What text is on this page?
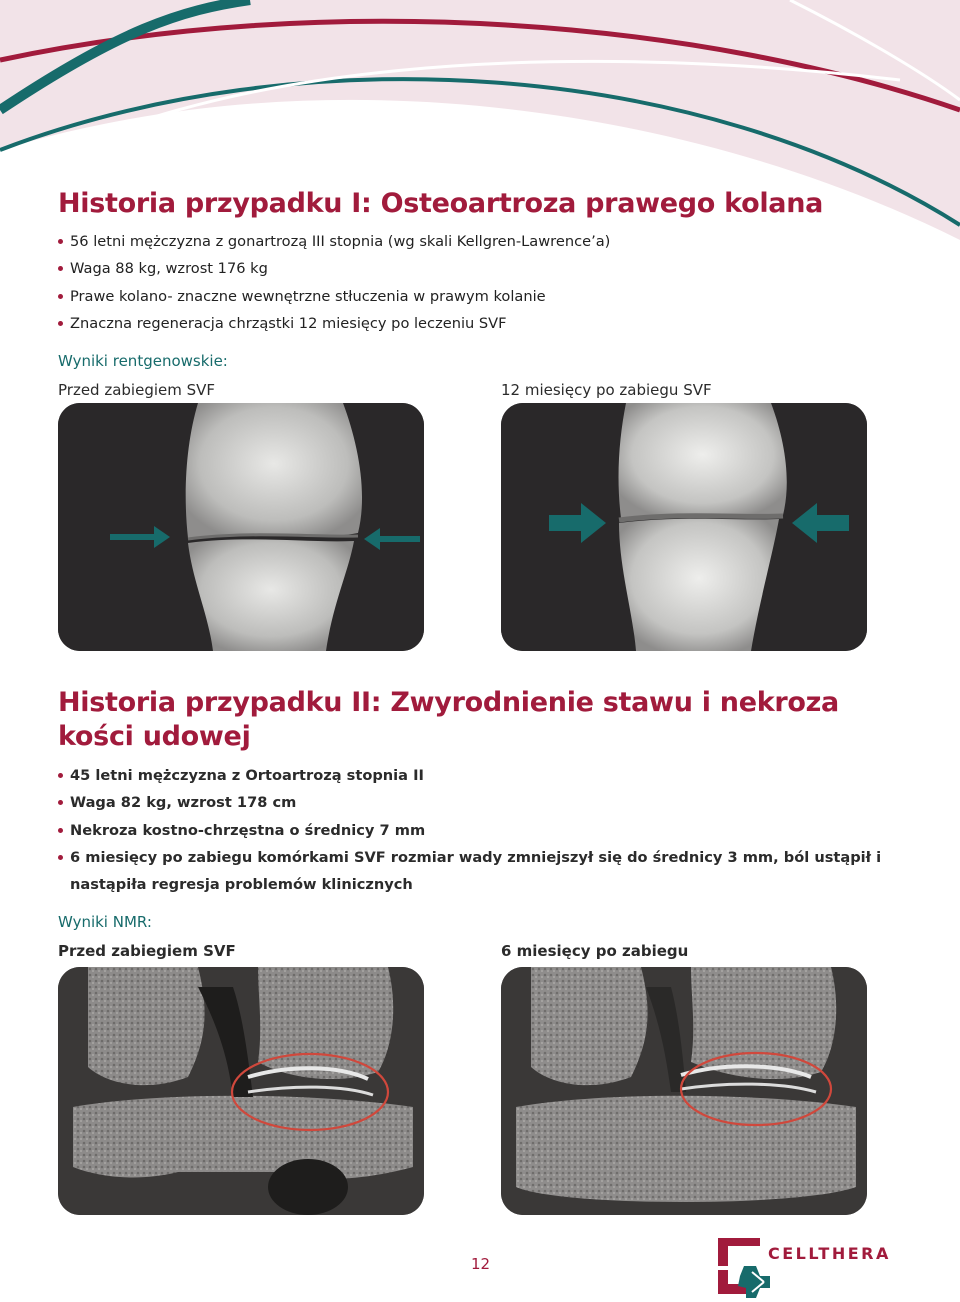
Historia przypadku I: Osteoartroza prawego kolana
56 letni mężczyzna z gonartrozą III stopnia (wg skali Kellgren-Lawrence’a)
Waga 88 kg, wzrost 176 kg
Prawe kolano- znaczne wewnętrzne stłuczenia w prawym kolanie
Znaczna regeneracja chrząstki 12 miesięcy po leczeniu SVF

Wyniki rentgenowskie:

Przed zabiegiem SVF	12 miesięcy po zabiegu SVF

Historia przypadku II: Zwyrodnienie stawu i nekroza
kości udowej
45 letni mężczyzna z Ortoartrozą stopnia II
Waga 82 kg, wzrost 178 cm
Nekroza kostno-chrzęstna o średnicy 7 mm
6 miesięcy po zabiegu komórkami SVF rozmiar wady zmniejszył się do średnicy 3 mm, ból ustąpił i nastąpiła regresja problemów klinicznych

Wyniki NMR:

Przed zabiegiem SVF	6 miesięcy po zabiegu

12
CELLTHERA
